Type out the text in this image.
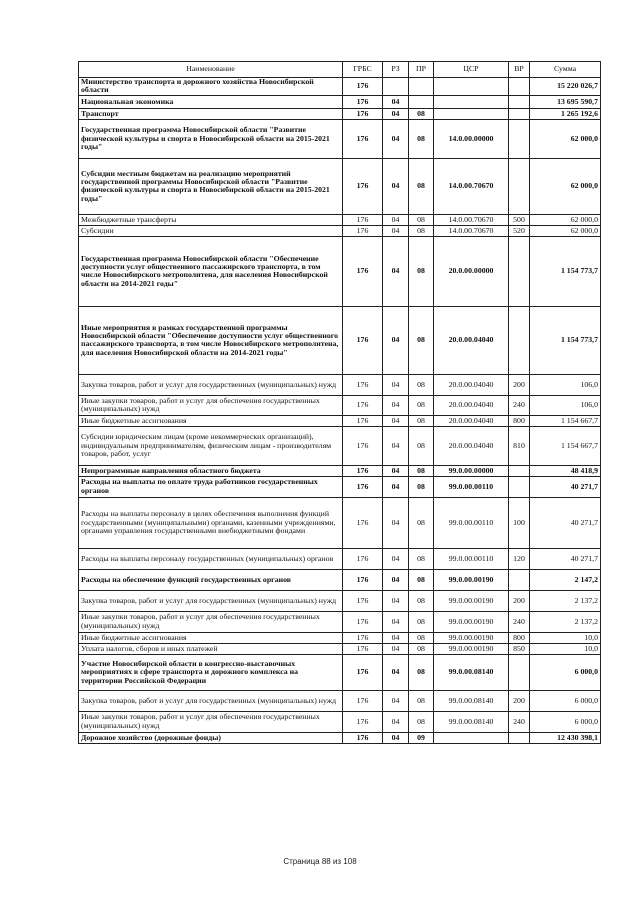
Наименование	ГРБС	РЗ	ПР	ЦСР	ВР	Сумма
Министерство транспорта и дорожного хозяйства Новосибирской области	176					15 220 026,7
Национальная экономика	176	04				13 695 590,7
Транспорт	176	04	08			1 265 192,6
Государственная программа Новосибирской области "Развитие физической культуры и спорта в Новосибирской области на 2015-2021 годы"	176	04	08	14.0.00.00000		62 000,0
Субсидии местным бюджетам на реализацию мероприятий государственной программы Новосибирской области "Развитие физической культуры и спорта в Новосибирской области на 2015-2021 годы"	176	04	08	14.0.00.70670		62 000,0
Межбюджетные трансферты	176	04	08	14.0.00.70670	500	62 000,0
Субсидии	176	04	08	14.0.00.70670	520	62 000,0
Государственная программа Новосибирской области "Обеспечение доступности услуг общественного пассажирского транспорта, в том числе Новосибирского метрополитена, для населения Новосибирской области на 2014-2021 годы"	176	04	08	20.0.00.00000		1 154 773,7
Иные мероприятия в рамках государственной программы Новосибирской области "Обеспечение доступности услуг общественного пассажирского транспорта, в том числе Новосибирского метрополитена, для населения Новосибирской области на 2014-2021 годы"	176	04	08	20.0.00.04040		1 154 773,7
Закупка товаров, работ и услуг для государственных (муниципальных) нужд	176	04	08	20.0.00.04040	200	106,0
Иные закупки товаров, работ и услуг для обеспечения государственных (муниципальных) нужд	176	04	08	20.0.00.04040	240	106,0
Иные бюджетные ассигнования	176	04	08	20.0.00.04040	800	1 154 667,7
Субсидии юридическим лицам (кроме некоммерческих организаций), индивидуальным предпринимателям, физическим лицам - производителям товаров, работ, услуг	176	04	08	20.0.00.04040	810	1 154 667,7
Непрограммные направления областного бюджета	176	04	08	99.0.00.00000		48 418,9
Расходы на выплаты по оплате труда работников государственных органов	176	04	08	99.0.00.00110		40 271,7
Расходы на выплаты персоналу в целях обеспечения выполнения функций государственными (муниципальными) органами, казенными учреждениями, органами управления государственными внебюджетными фондами	176	04	08	99.0.00.00110	100	40 271,7
Расходы на выплаты персоналу государственных (муниципальных) органов	176	04	08	99.0.00.00110	120	40 271,7
Расходы на обеспечение функций государственных органов	176	04	08	99.0.00.00190		2 147,2
Закупка товаров, работ и услуг для государственных (муниципальных) нужд	176	04	08	99.0.00.00190	200	2 137,2
Иные закупки товаров, работ и услуг для обеспечения государственных (муниципальных) нужд	176	04	08	99.0.00.00190	240	2 137,2
Иные бюджетные ассигнования	176	04	08	99.0.00.00190	800	10,0
Уплата налогов, сборов и иных платежей	176	04	08	99.0.00.00190	850	10,0
Участие Новосибирской области в конгрессно-выставочных мероприятиях в сфере транспорта и дорожного комплекса на территории Российской Федерации	176	04	08	99.0.00.08140		6 000,0
Закупка товаров, работ и услуг для государственных (муниципальных) нужд	176	04	08	99.0.00.08140	200	6 000,0
Иные закупки товаров, работ и услуг для обеспечения государственных (муниципальных) нужд	176	04	08	99.0.00.08140	240	6 000,0
Дорожное хозяйство (дорожные фонды)	176	04	09			12 430 398,1
Страница 88 из 108
